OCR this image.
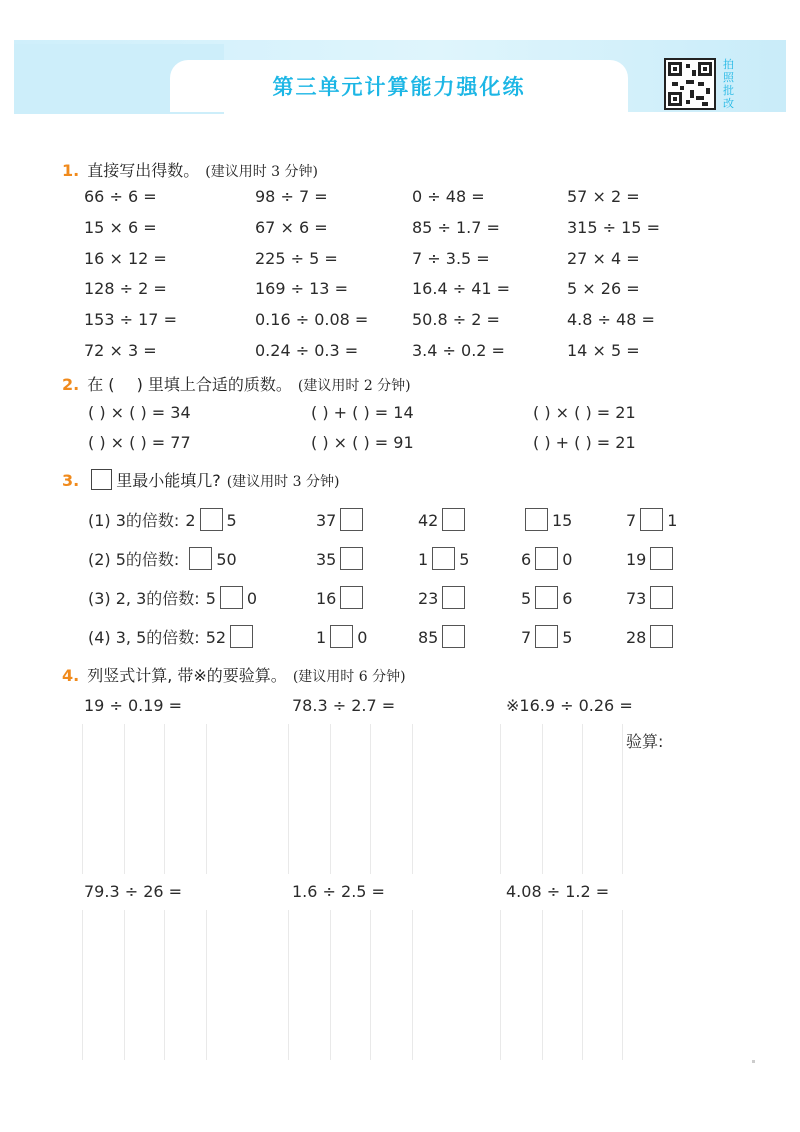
第三单元计算能力强化练
拍照批改
1. 直接写出得数。 (建议用时 3 分钟)
66 ÷ 6 =	98 ÷ 7 =	0 ÷ 48 =	57 × 2 =
15 × 6 =	67 × 6 =	85 ÷ 1.7 =	315 ÷ 15 =
16 × 12 =	225 ÷ 5 =	7 ÷ 3.5 =	27 × 4 =
128 ÷ 2 =	169 ÷ 13 =	16.4 ÷ 41 =	5 × 26 =
153 ÷ 17 =	0.16 ÷ 0.08 =	50.8 ÷ 2 =	4.8 ÷ 48 =
72 × 3 =	0.24 ÷ 0.3 =	3.4 ÷ 0.2 =	14 × 5 =
2. 在 ( ) 里填上合适的质数。 (建议用时 2 分钟)
( ) × ( ) = 34	( ) + ( ) = 14	( ) × ( ) = 21
( ) × ( ) = 77	( ) × ( ) = 91	( ) + ( ) = 21
3. 里最小能填几? (建议用时 3 分钟)
(1) 3的倍数: 2 5	37	42	15	7 1
(2) 5的倍数: 50	35	1 5	6 0	19
(3) 2, 3的倍数: 5 0	16	23	5 6	73
(4) 3, 5的倍数: 52	1 0	85	7 5	28
4. 列竖式计算, 带※的要验算。 (建议用时 6 分钟)
19 ÷ 0.19 =	78.3 ÷ 2.7 =	※16.9 ÷ 0.26 =
79.3 ÷ 26 =	1.6 ÷ 2.5 =	4.08 ÷ 1.2 =
验算:
